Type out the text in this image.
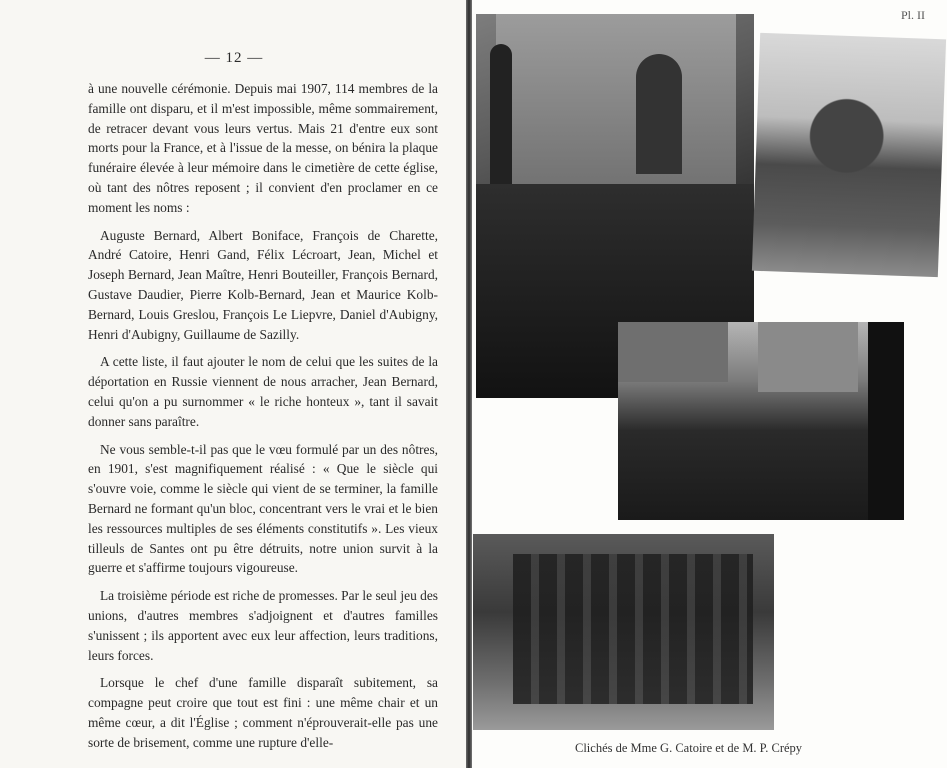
— 12 —

à une nouvelle cérémonie. Depuis mai 1907, 114 membres de la famille ont disparu, et il m'est impossible, même sommairement, de retracer devant vous leurs vertus. Mais 21 d'entre eux sont morts pour la France, et à l'issue de la messe, on bénira la plaque funéraire élevée à leur mémoire dans le cimetière de cette église, où tant des nôtres reposent ; il convient d'en proclamer en ce moment les noms :

Auguste Bernard, Albert Boniface, François de Charette, André Catoire, Henri Gand, Félix Lécroart, Jean, Michel et Joseph Bernard, Jean Maître, Henri Bouteiller, François Bernard, Gustave Daudier, Pierre Kolb-Bernard, Jean et Maurice Kolb-Bernard, Louis Greslou, François Le Liepvre, Daniel d'Aubigny, Henri d'Aubigny, Guillaume de Sazilly.

A cette liste, il faut ajouter le nom de celui que les suites de la déportation en Russie viennent de nous arracher, Jean Bernard, celui qu'on a pu surnommer « le riche honteux », tant il savait donner sans paraître.

Ne vous semble-t-il pas que le vœu formulé par un des nôtres, en 1901, s'est magnifiquement réalisé : « Que le siècle qui s'ouvre voie, comme le siècle qui vient de se terminer, la famille Bernard ne formant qu'un bloc, concentrant vers le vrai et le bien les ressources multiples de ses éléments constitutifs ». Les vieux tilleuls de Santes ont pu être détruits, notre union survit à la guerre et s'affirme toujours vigoureuse.

La troisième période est riche de promesses. Par le seul jeu des unions, d'autres membres s'adjoignent et d'autres familles s'unissent ; ils apportent avec eux leur affection, leurs traditions, leurs forces.

Lorsque le chef d'une famille disparaît subitement, sa compagne peut croire que tout est fini : une même chair et un même cœur, a dit l'Église ; comment n'éprouverait-elle pas une sorte de brisement, comme une rupture d'elle-

Pl. II
Clichés de Mme G. Catoire et de M. P. Crépy
